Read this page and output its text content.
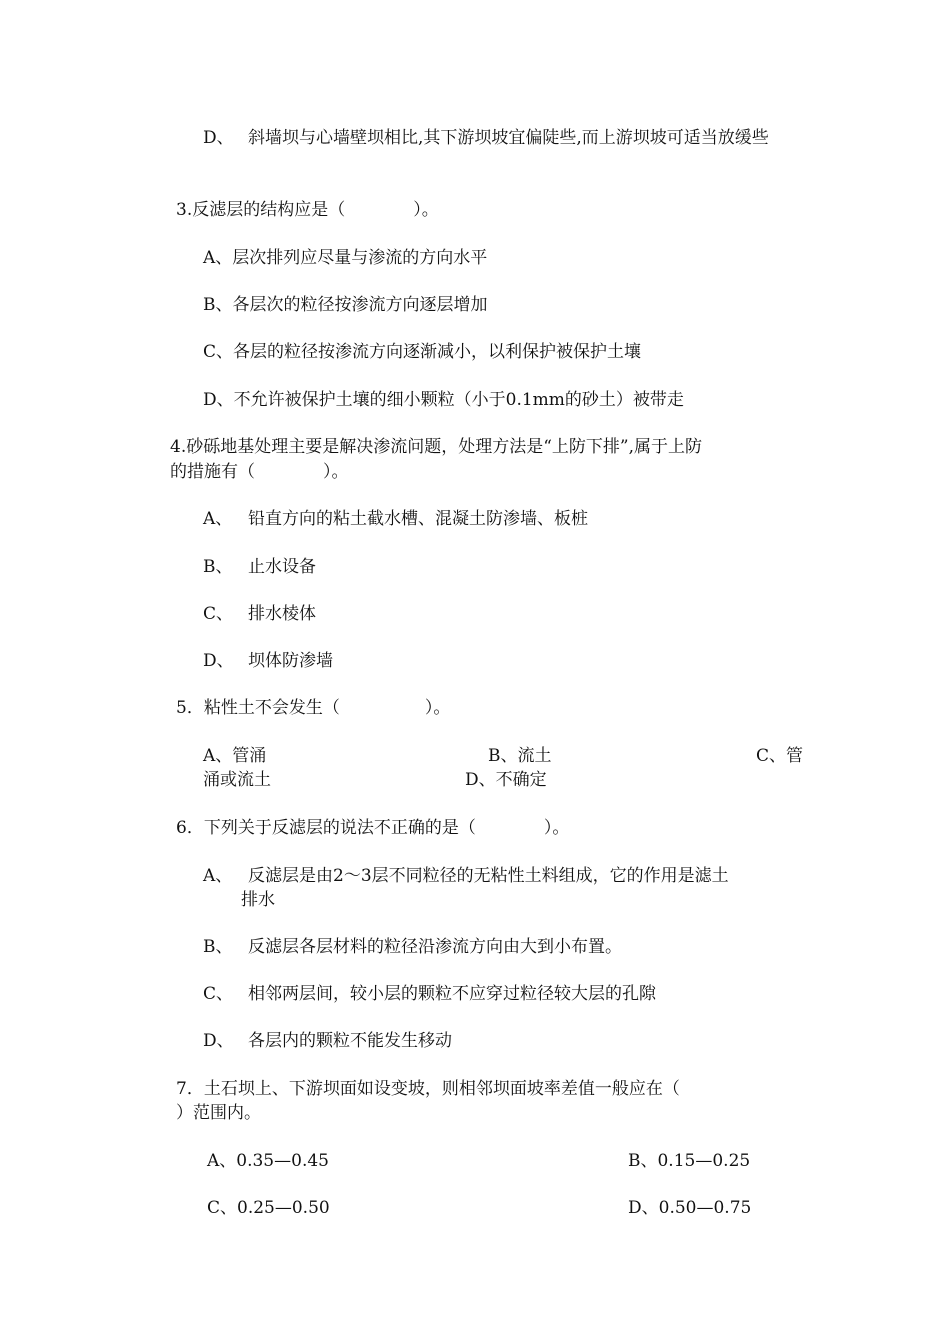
D、 斜墙坝与心墙壁坝相比,其下游坝坡宜偏陡些,而上游坝坡可适当放缓些
3.反滤层的结构应是（　　　　）。
A、层次排列应尽量与渗流的方向水平
B、各层次的粒径按渗流方向逐层增加
C、各层的粒径按渗流方向逐渐减小，以利保护被保护土壤
D、不允许被保护土壤的细小颗粒（小于0.1mm的砂土）被带走
4.砂砾地基处理主要是解决渗流问题，处理方法是“上防下排”,属于上防
的措施有（　　　　）。
A、 铅直方向的粘土截水槽、混凝土防渗墙、板桩
B、 止水设备
C、 排水棱体
D、 坝体防渗墙
5．粘性土不会发生（　　　　　）。
A、管涌	B、流土	C、管
涌或流土	D、不确定
6．下列关于反滤层的说法不正确的是（　　　　）。
A、 反滤层是由2～3层不同粒径的无粘性土料组成，它的作用是滤土
排水
B、 反滤层各层材料的粒径沿渗流方向由大到小布置。
C、 相邻两层间，较小层的颗粒不应穿过粒径较大层的孔隙
D、 各层内的颗粒不能发生移动
7．土石坝上、下游坝面如设变坡，则相邻坝面坡率差值一般应在（
）范围内。
A、0.35—0.45	B、0.15—0.25
C、0.25—0.50	D、0.50—0.75
